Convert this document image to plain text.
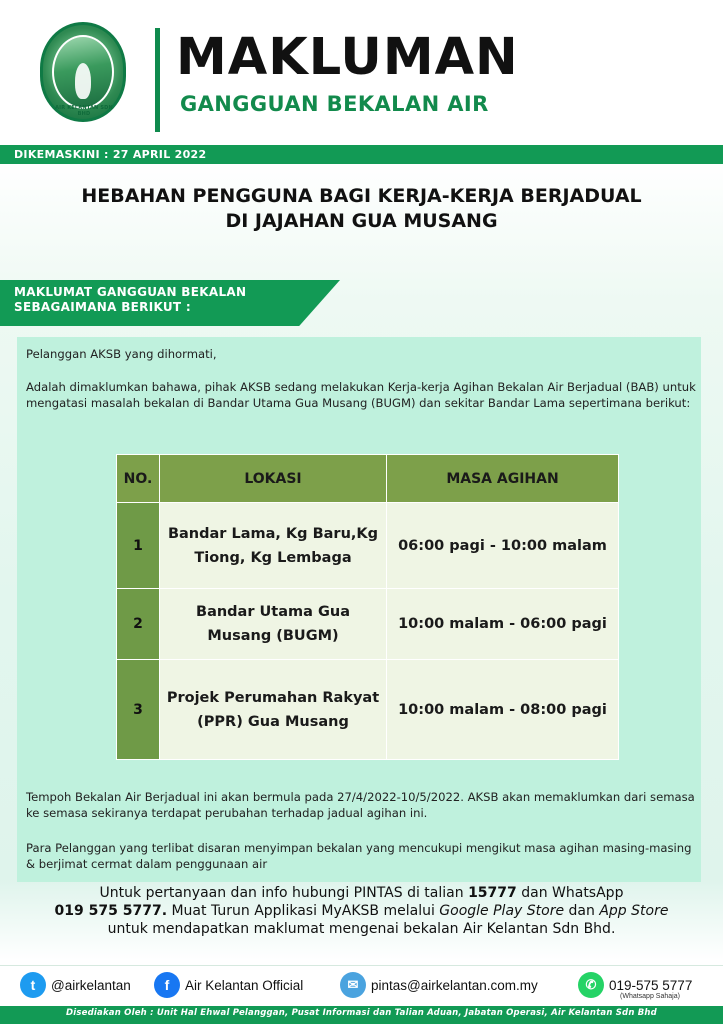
AIR KELANTAN SDN BHD
MAKLUMAN
GANGGUAN BEKALAN AIR
DIKEMASKINI : 27 APRIL 2022
HEBAHAN PENGGUNA BAGI KERJA-KERJA BERJADUAL
DI JAJAHAN GUA MUSANG
MAKLUMAT GANGGUAN BEKALAN
SEBAGAIMANA BERIKUT :
Pelanggan AKSB yang dihormati,
Adalah dimaklumkan bahawa, pihak AKSB sedang melakukan Kerja-kerja Agihan Bekalan Air Berjadual (BAB) untuk mengatasi masalah bekalan di Bandar Utama Gua Musang (BUGM) dan sekitar Bandar Lama sepertimana berikut:
NO.	LOKASI	MASA AGIHAN
1	Bandar Lama, Kg Baru,Kg Tiong, Kg Lembaga	06:00 pagi - 10:00 malam
2	Bandar Utama Gua Musang (BUGM)	10:00 malam - 06:00 pagi
3	Projek Perumahan Rakyat (PPR) Gua Musang	10:00 malam - 08:00 pagi
Tempoh Bekalan Air Berjadual ini akan bermula pada 27/4/2022-10/5/2022. AKSB akan memaklumkan dari semasa ke semasa sekiranya terdapat perubahan terhadap jadual agihan ini.
Para Pelanggan yang terlibat disaran menyimpan bekalan yang mencukupi mengikut masa agihan masing-masing & berjimat cermat dalam penggunaan air
Untuk pertanyaan dan info hubungi PINTAS di talian 15777 dan WhatsApp
019 575 5777. Muat Turun Applikasi MyAKSB melalui Google Play Store dan App Store
untuk mendapatkan maklumat mengenai bekalan Air Kelantan Sdn Bhd.
t	@airkelantan	f	Air Kelantan Official	✉ pintas@airkelantan.com.my	✆ 019-575 5777
(Whatsapp Sahaja)
Disediakan Oleh : Unit Hal Ehwal Pelanggan, Pusat Informasi dan Talian Aduan, Jabatan Operasi, Air Kelantan Sdn Bhd
